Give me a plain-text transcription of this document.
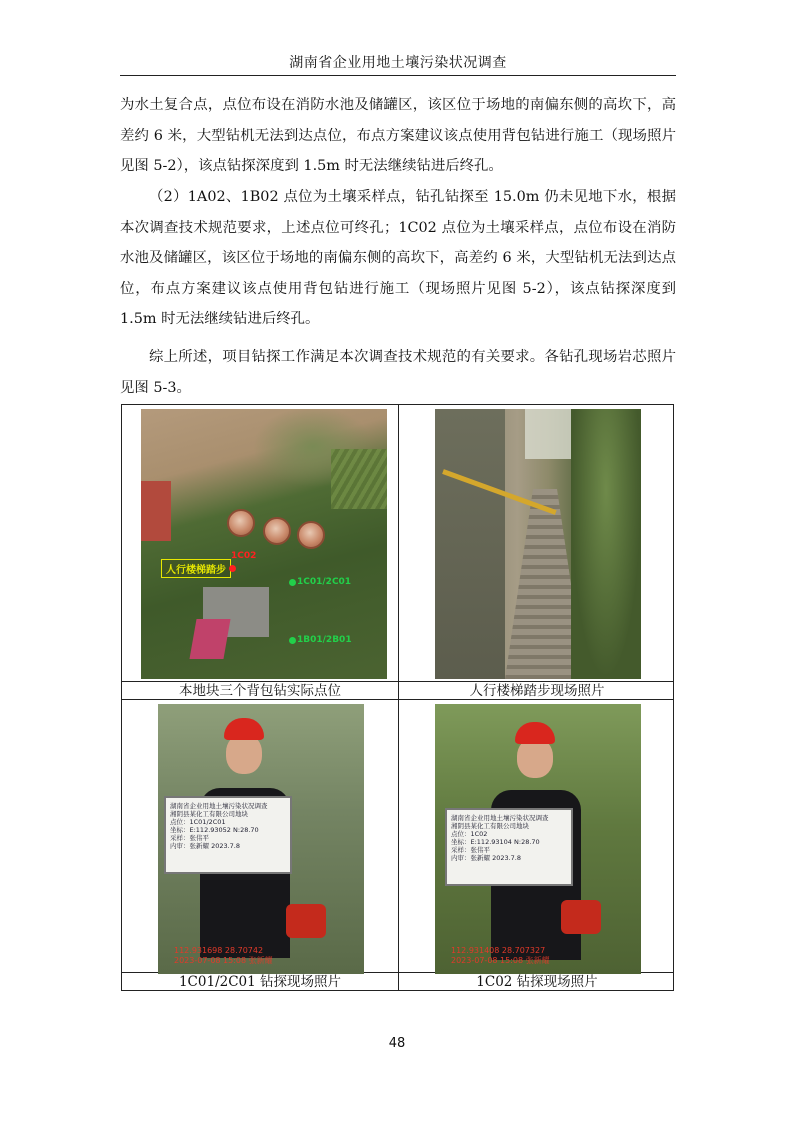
湖南省企业用地土壤污染状况调查

为水土复合点，点位布设在消防水池及储罐区，该区位于场地的南偏东侧的高坎下，高差约 6 米，大型钻机无法到达点位，布点方案建议该点使用背包钻进行施工（现场照片见图 5-2），该点钻探深度到 1.5m 时无法继续钻进后终孔。

（2）1A02、1B02 点位为土壤采样点，钻孔钻探至 15.0m 仍未见地下水，根据本次调查技术规范要求，上述点位可终孔；1C02 点位为土壤采样点，点位布设在消防水池及储罐区，该区位于场地的南偏东侧的高坎下，高差约 6 米，大型钻机无法到达点位，布点方案建议该点使用背包钻进行施工（现场照片见图 5-2），该点钻探深度到 1.5m 时无法继续钻进后终孔。

综上所述，项目钻探工作满足本次调查技术规范的有关要求。各钻孔现场岩芯照片见图 5-3。

人行楼梯踏步
1C02
1C01/2C01
1B01/2B01
本地块三个背包钻实际点位	人行楼梯踏步现场照片
湖南省企业用地土壤污染状况调查
湘阴县某化工有限公司地块
点位：1C01/2C01
坐标：E:112.93052 N:28.70
采样：张伟平
内审：张新耀 2023.7.8
112.931698 28.70742
2023-07-08 15:08 张新耀
1C01/2C01 钻探现场照片
湖南省企业用地土壤污染状况调查
湘阴县某化工有限公司地块
点位：1C02
坐标：E:112.93104 N:28.70
采样：张伟平
内审：张新耀 2023.7.8
112.931408 28.707327
2023-07-08 15:08 张新耀
1C02 钻探现场照片
48
